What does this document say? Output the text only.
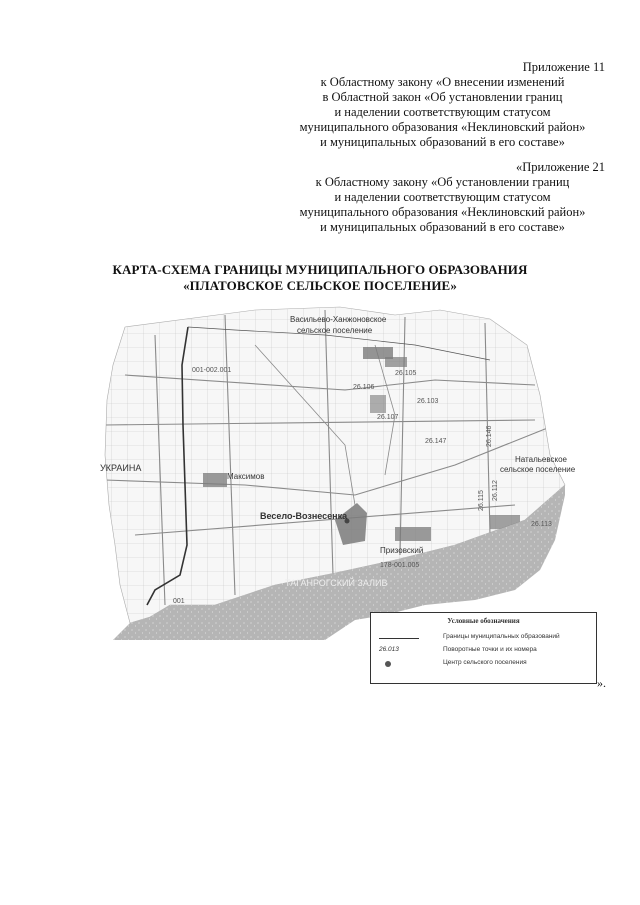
Приложение 11
к Областному закону «О внесении изменений
в Областной закон «Об установлении границ
и наделении соответствующим статусом
муниципального образования «Неклиновский район»
и муниципальных образований в его составе»
«Приложение 21
к Областному закону «Об установлении границ
и наделении соответствующим статусом
муниципального образования «Неклиновский район»
и муниципальных образований в его составе»
КАРТА-СХЕМА ГРАНИЦЫ МУНИЦИПАЛЬНОГО ОБРАЗОВАНИЯ
«ПЛАТОВСКОЕ СЕЛЬСКОЕ ПОСЕЛЕНИЕ»
Васильево-Ханжоновское
сельское поселение
УКРАИНА
Максимов
Весело-Вознесенка
Натальевское
сельское поселение
Призовский
ТАГАНРОГСКИЙ ЗАЛИВ
001-002.001	26.105
26.106
26.103
26.107
26.147
26.112
26.115
26.113
26.146
178-001.005
001
Условные обозначения
Границы муниципальных образований
26.013	Поворотные точки и их номера
Центр сельского поселения
».
